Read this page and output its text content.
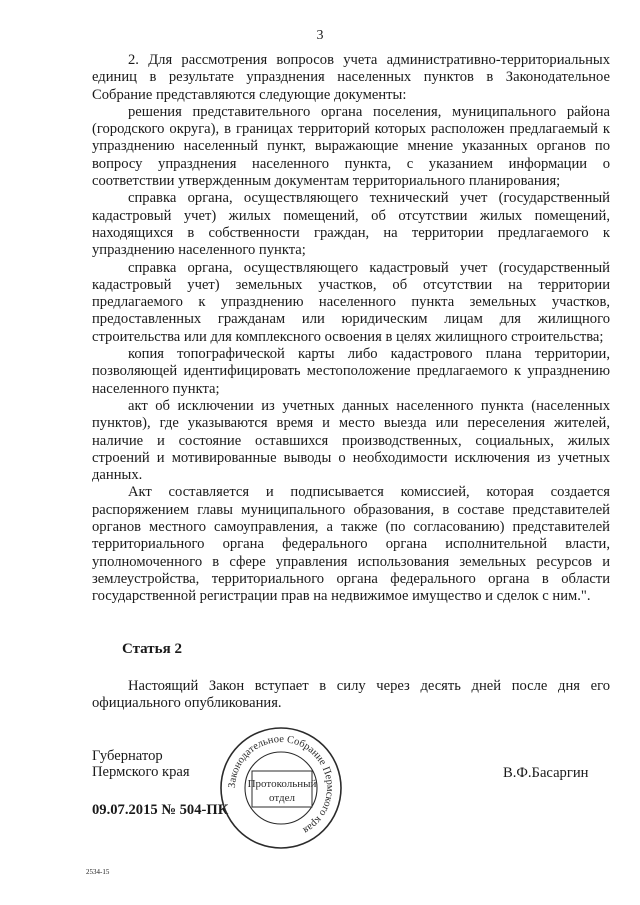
3

2. Для рассмотрения вопросов учета административно-территориальных единиц в результате упразднения населенных пунктов в Законодательное Собрание представляются следующие документы:

решения представительного органа поселения, муниципального района (городского округа), в границах территорий которых расположен предлагаемый к упразднению населенный пункт, выражающие мнение указанных органов по вопросу упразднения населенного пункта, с указанием информации о соответствии утвержденным документам территориального планирования;

справка органа, осуществляющего технический учет (государственный кадастровый учет) жилых помещений, об отсутствии жилых помещений, находящихся в собственности граждан, на территории предлагаемого к упразднению населенного пункта;

справка органа, осуществляющего кадастровый учет (государственный кадастровый учет) земельных участков, об отсутствии на территории предлагаемого к упразднению населенного пункта земельных участков, предоставленных гражданам или юридическим лицам для жилищного строительства или для комплексного освоения в целях жилищного строительства;

копия топографической карты либо кадастрового плана территории, позволяющей идентифицировать местоположение предлагаемого к упразднению населенного пункта;

акт об исключении из учетных данных населенного пункта (населенных пунктов), где указываются время и место выезда или переселения жителей, наличие и состояние оставшихся производственных, социальных, жилых строений и мотивированные выводы о необходимости исключения из учетных данных.

Акт составляется и подписывается комиссией, которая создается распоряжением главы муниципального образования, в составе представителей органов местного самоуправления, а также (по согласованию) представителей территориального органа федерального органа исполнительной власти, уполномоченного в сфере управления использования земельных ресурсов и землеустройства, территориального органа федерального органа в области государственной регистрации прав на недвижимое имущество и сделок с ним.".

Статья 2

Настоящий Закон вступает в силу через десять дней после дня его официального опубликования.

Губернатор
Пермского края	В.Ф.Басаргин
09.07.2015 № 504-ПК
Законодательное Собрание Пермского края
Протокольный
отдел
2534-15
